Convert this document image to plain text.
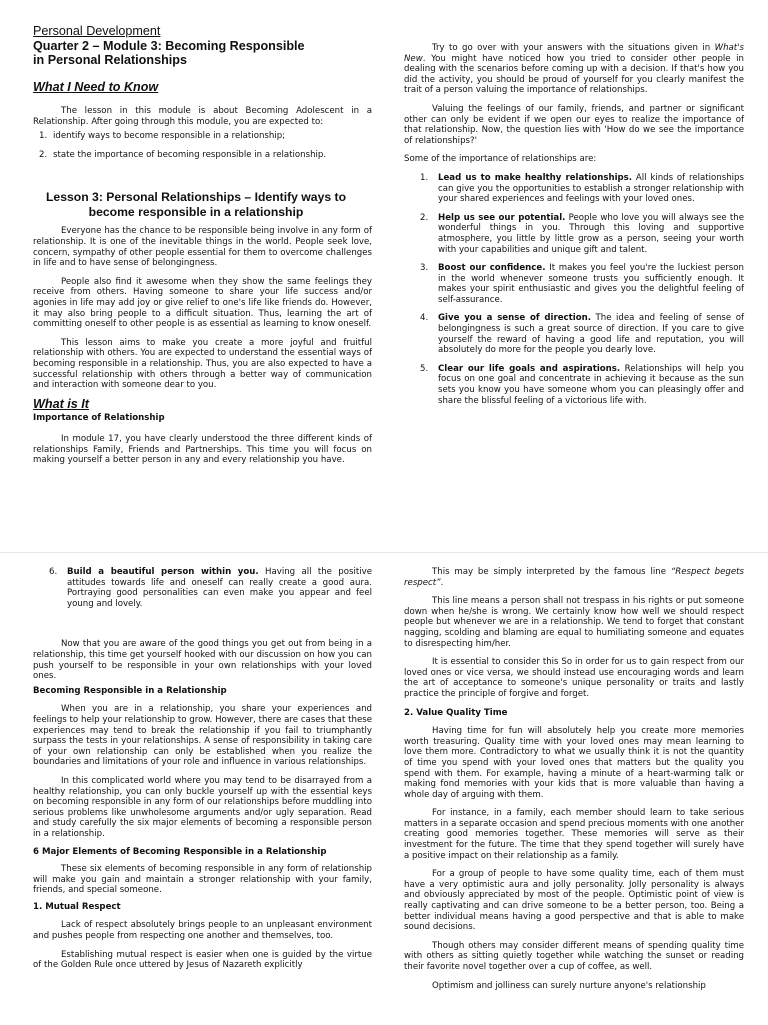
Personal Development

Quarter 2 – Module 3: Becoming Responsible

in Personal Relationships

What I Need to Know

The lesson in this module is about Becoming Adolescent in a Relationship. After going through this module, you are expected to:

1. identify ways to become responsible in a relationship;
2. state the importance of becoming responsible in a relationship.

Lesson 3: Personal Relationships – Identify ways to

become responsible in a relationship

Everyone has the chance to be responsible being involve in any form of relationship. It is one of the inevitable things in the world. People seek love, concern, sympathy of other people essential for them to overcome challenges in life and to have sense of belongingness.

People also find it awesome when they show the same feelings they receive from others. Having someone to share your life success and/or agonies in life may add joy or give relief to one's life like friends do. However, it may also bring people to a difficult situation. Thus, learning the art of committing oneself to other people is as essential as learning to know oneself.

This lesson aims to make you create a more joyful and fruitful relationship with others. You are expected to understand the essential ways of becoming responsible in a relationship. Thus, you are also expected to have a successful relationship with others through a better way of communication and interaction with someone dear to you.

What is It

Importance of Relationship

In module 17, you have clearly understood the three different kinds of relationships Family, Friends and Partnerships. This time you will focus on making yourself a better person in any and every relationship you have.

Try to go over with your answers with the situations given in What's New. You might have noticed how you tried to consider other people in dealing with the scenarios before coming up with a decision. If that's how you did the activity, you should be proud of yourself for you clearly manifest the trait of a person valuing the importance of relationships.

Valuing the feelings of our family, friends, and partner or significant other can only be evident if we open our eyes to realize the importance of that relationship. Now, the question lies with 'How do we see the importance of relationships?'

Some of the importance of relationships are:

1. Lead us to make healthy relationships. All kinds of relationships can give you the opportunities to establish a stronger relationship with your shared experiences and feelings with your loved ones.
2. Help us see our potential. People who love you will always see the wonderful things in you. Through this loving and supportive atmosphere, you little by little grow as a person, seeing your worth with your capabilities and unique gift and talent.
3. Boost our confidence. It makes you feel you're the luckiest person in the world whenever someone trusts you sufficiently enough. It makes your spirit enthusiastic and gives you the delightful feeling of self-assurance.
4. Give you a sense of direction. The idea and feeling of sense of belongingness is such a great source of direction. If you care to give yourself the reward of having a good life and reputation, you will absolutely do more for the people you dearly love.
5. Clear our life goals and aspirations. Relationships will help you focus on one goal and concentrate in achieving it because as the sun sets you know you have someone whom you can pleasingly offer and share the blissful feeling of a victorious life with.
6. Build a beautiful person within you. Having all the positive attitudes towards life and oneself can really create a good aura. Portraying good personalities can even make you appear and feel young and lovely.

Now that you are aware of the good things you get out from being in a relationship, this time get yourself hooked with our discussion on how you can push yourself to be responsible in your own relationships with your loved ones.

Becoming Responsible in a Relationship

When you are in a relationship, you share your experiences and feelings to help your relationship to grow. However, there are cases that these experiences may tend to break the relationship if you fail to triumphantly surpass the tests in your relationships. A sense of responsibility in taking care of your own relationship can only be established when you realize the boundaries and limitations of your role and influence in various relationships.

In this complicated world where you may tend to be disarrayed from a healthy relationship, you can only buckle yourself up with the essential keys on becoming responsible in any form of our relationships before muddling into serious problems like unwholesome arguments and/or ugly separation. Read and study carefully the six major elements of becoming a responsible person in a relationship.

6 Major Elements of Becoming Responsible in a Relationship

These six elements of becoming responsible in any form of relationship will make you gain and maintain a stronger relationship with your family, friends, and special someone.

1. Mutual Respect

Lack of respect absolutely brings people to an unpleasant environment and pushes people from respecting one another and themselves, too.

Establishing mutual respect is easier when one is guided by the virtue of the Golden Rule once uttered by Jesus of Nazareth explicitly

This may be simply interpreted by the famous line “Respect begets respect”.

This line means a person shall not trespass in his rights or put someone down when he/she is wrong. We certainly know how well we should respect people but whenever we are in a relationship. We tend to forget that constant nagging, scolding and blaming are equal to humiliating someone and equates to disrespecting him/her.

It is essential to consider this So in order for us to gain respect from our loved ones or vice versa, we should instead use encouraging words and learn the art of acceptance to someone's unique personality or traits and lastly practice the principle of forgive and forget.

2. Value Quality Time

Having time for fun will absolutely help you create more memories worth treasuring. Quality time with your loved ones may mean learning to love them more. Contradictory to what we usually think it is not the quantity of time you spend with your loved ones that matters but the quality you spend with them. For example, having a minute of a heart-warming talk or making fond memories with your kids that is more valuable than having a whole day of arguing with them.

For instance, in a family, each member should learn to take serious matters in a separate occasion and spend precious moments with one another creating good memories together. These memories will serve as their investment for the future. The time that they spend together will surely have a positive impact on their relationship as a family.

For a group of people to have some quality time, each of them must have a very optimistic aura and jolly personality. Jolly personality is always and obviously appreciated by most of the people. Optimistic point of view is really captivating and can drive someone to be a better person, too. Being a better individual means having a good perspective and that is able to make sound decisions.

Though others may consider different means of spending quality time with others as sitting quietly together while watching the sunset or reading their favorite novel together over a cup of coffee, as well.

Optimism and jolliness can surely nurture anyone's relationship
